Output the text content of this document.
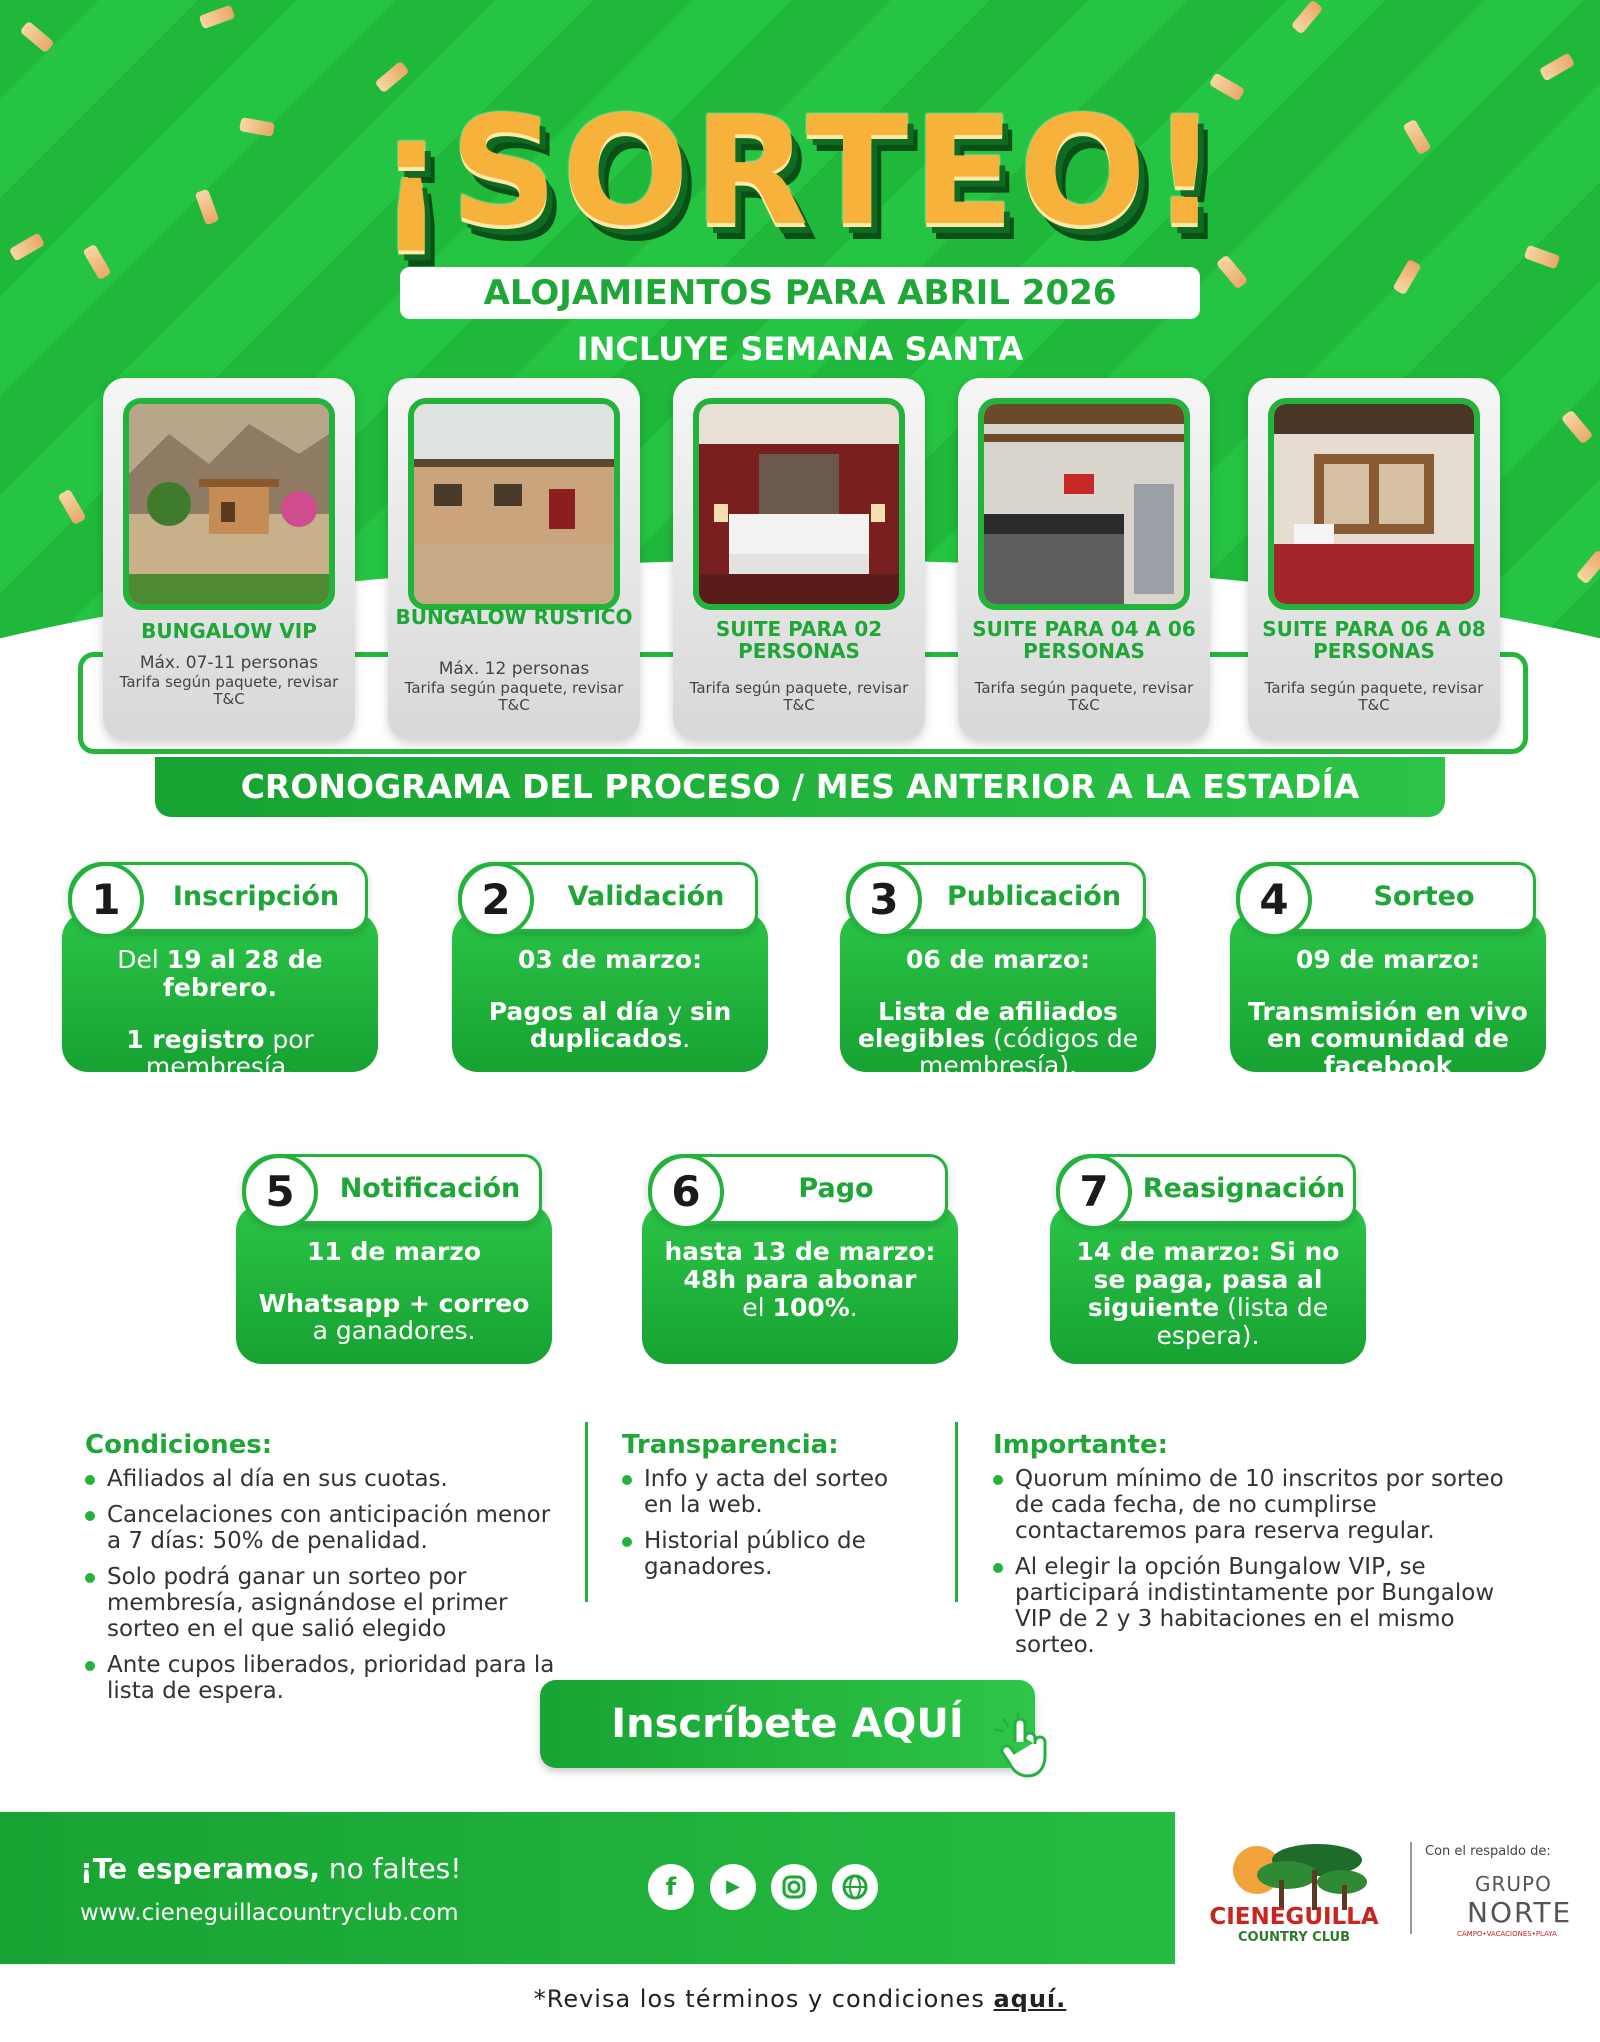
¡SORTEO!
ALOJAMIENTOS PARA ABRIL 2026
INCLUYE SEMANA SANTA
BUNGALOW VIP
Máx. 07-11 personas
Tarifa según paquete, revisar T&C
BUNGALOW RÚSTICO
Máx. 12 personas
Tarifa según paquete, revisar T&C
SUITE PARA 02 PERSONAS
Tarifa según paquete, revisar T&C
SUITE PARA 04 A 06 PERSONAS
Tarifa según paquete, revisar T&C
SUITE PARA 06 A 08 PERSONAS
Tarifa según paquete, revisar T&C
CRONOGRAMA DEL PROCESO / MES ANTERIOR A LA ESTADÍA
1	Inscripción
Del 19 al 28 de febrero.
1 registro por membresía.
2	Validación
03 de marzo:
Pagos al día y sin duplicados.
3	Publicación
06 de marzo:
Lista de afiliados elegibles (códigos de membresía).
4	Sorteo
09 de marzo:
Transmisión en vivo en comunidad de facebook
5	Notificación
11 de marzo
Whatsapp + correo a ganadores.
6	Pago
hasta 13 de marzo: 48h para abonar
el 100%.
7	Reasignación
14 de marzo: Si no se paga, pasa al siguiente (lista de espera).
Condiciones:
Afiliados al día en sus cuotas.
Cancelaciones con anticipación menor a 7 días: 50% de penalidad.
Solo podrá ganar un sorteo por membresía, asignándose el primer sorteo en el que salió elegido
Ante cupos liberados, prioridad para la lista de espera.
Transparencia:
Info y acta del sorteo en la web.
Historial público de ganadores.
Importante:
Quorum mínimo de 10 inscritos por sorteo de cada fecha, de no cumplirse contactaremos para reserva regular.
Al elegir la opción Bungalow VIP, se participará indistintamente por Bungalow VIP de 2 y 3 habitaciones en el mismo sorteo.
Inscríbete AQUÍ
¡Te esperamos, no faltes!
www.cieneguillacountryclub.com
f	▶
CIENEGUILLA
COUNTRY CLUB
Con el respaldo de:
GRUPO
NORTE
CAMPO•VACACIONES•PLAYA
*Revisa los términos y condiciones aquí.
